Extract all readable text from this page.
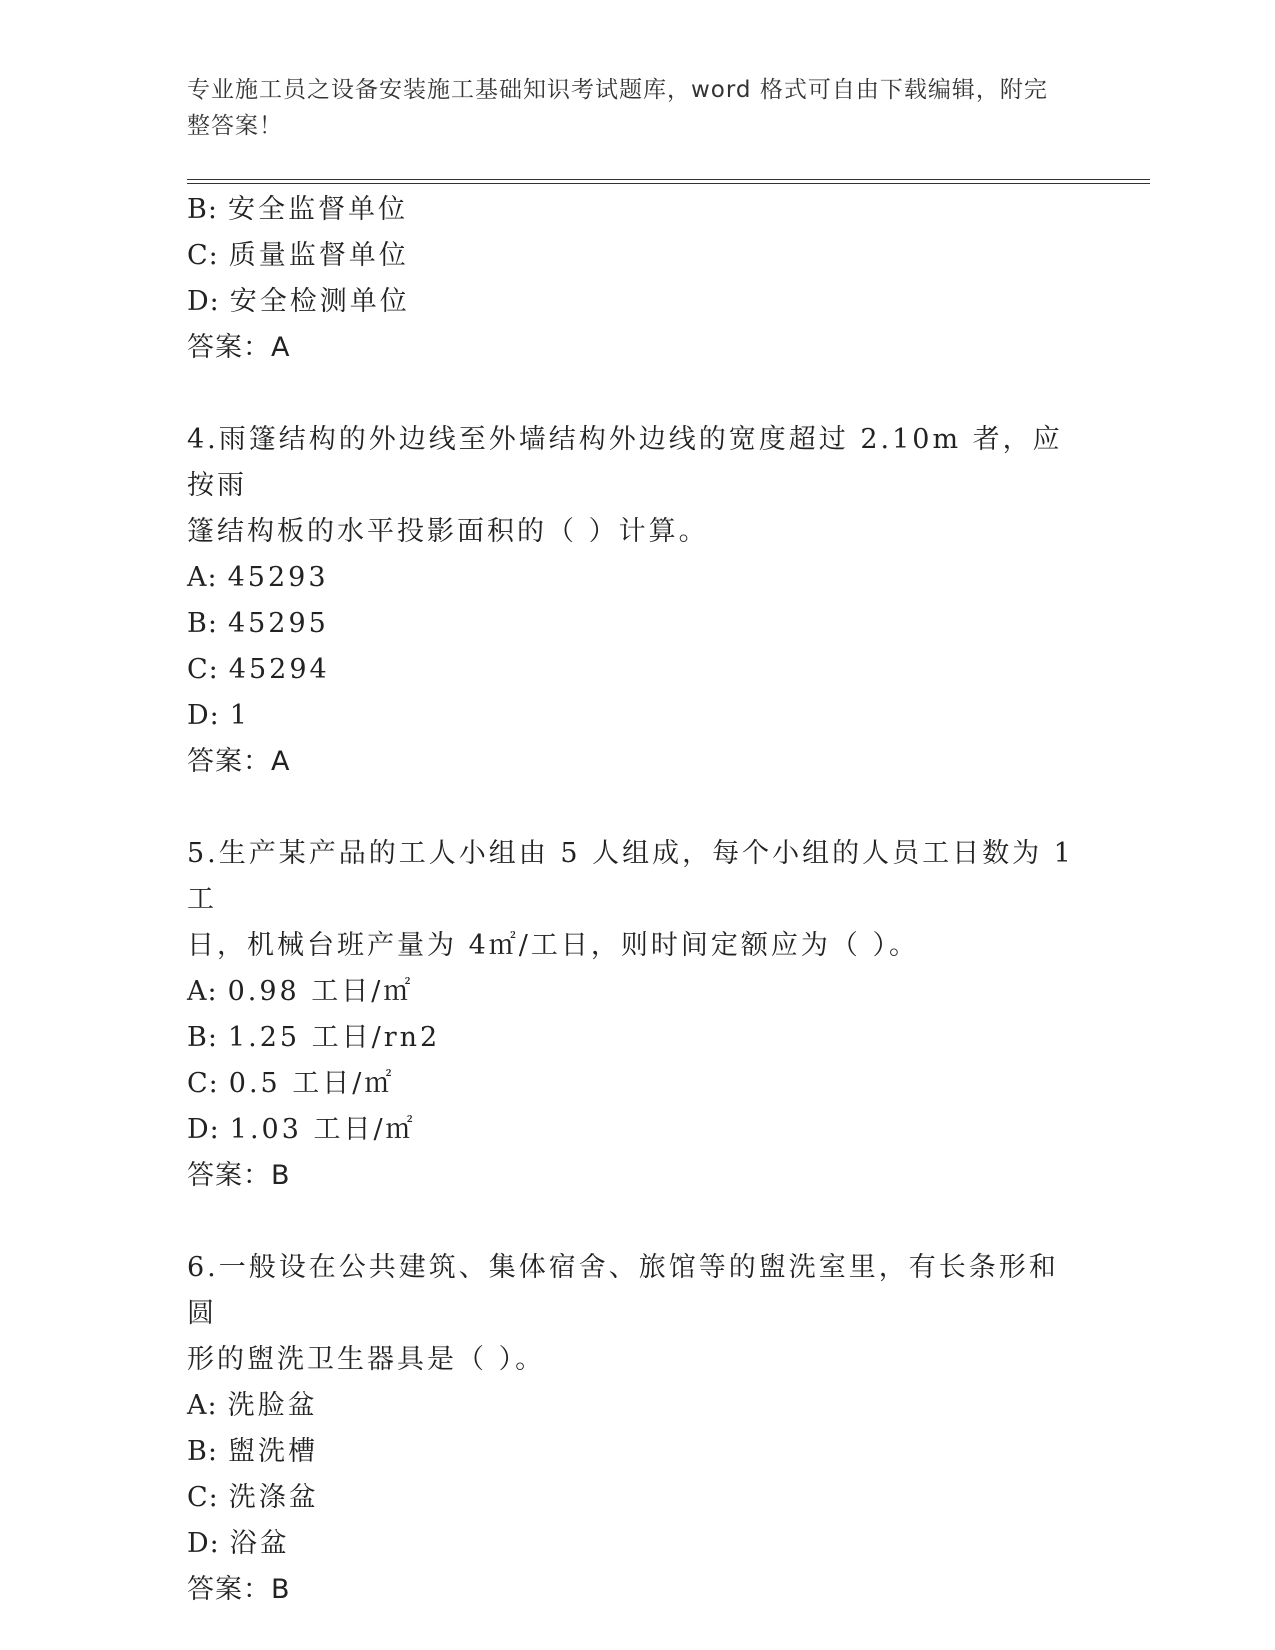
专业施工员之设备安装施工基础知识考试题库，word 格式可自由下载编辑，附完
整答案！
B: 安全监督单位
C: 质量监督单位
D: 安全检测单位
答案：A
4.雨篷结构的外边线至外墙结构外边线的宽度超过 2.10m 者，应按雨
篷结构板的水平投影面积的（ ）计算。
A: 45293
B: 45295
C: 45294
D: 1
答案：A
5.生产某产品的工人小组由 5 人组成，每个小组的人员工日数为 1 工
日，机械台班产量为 4㎡/工日，则时间定额应为（ ）。
A: 0.98 工日/㎡
B: 1.25 工日/rn2
C: 0.5 工日/㎡
D: 1.03 工日/㎡
答案：B
6.一般设在公共建筑、集体宿舍、旅馆等的盥洗室里，有长条形和圆
形的盥洗卫生器具是（ ）。
A: 洗脸盆
B: 盥洗槽
C: 洗涤盆
D: 浴盆
答案：B
